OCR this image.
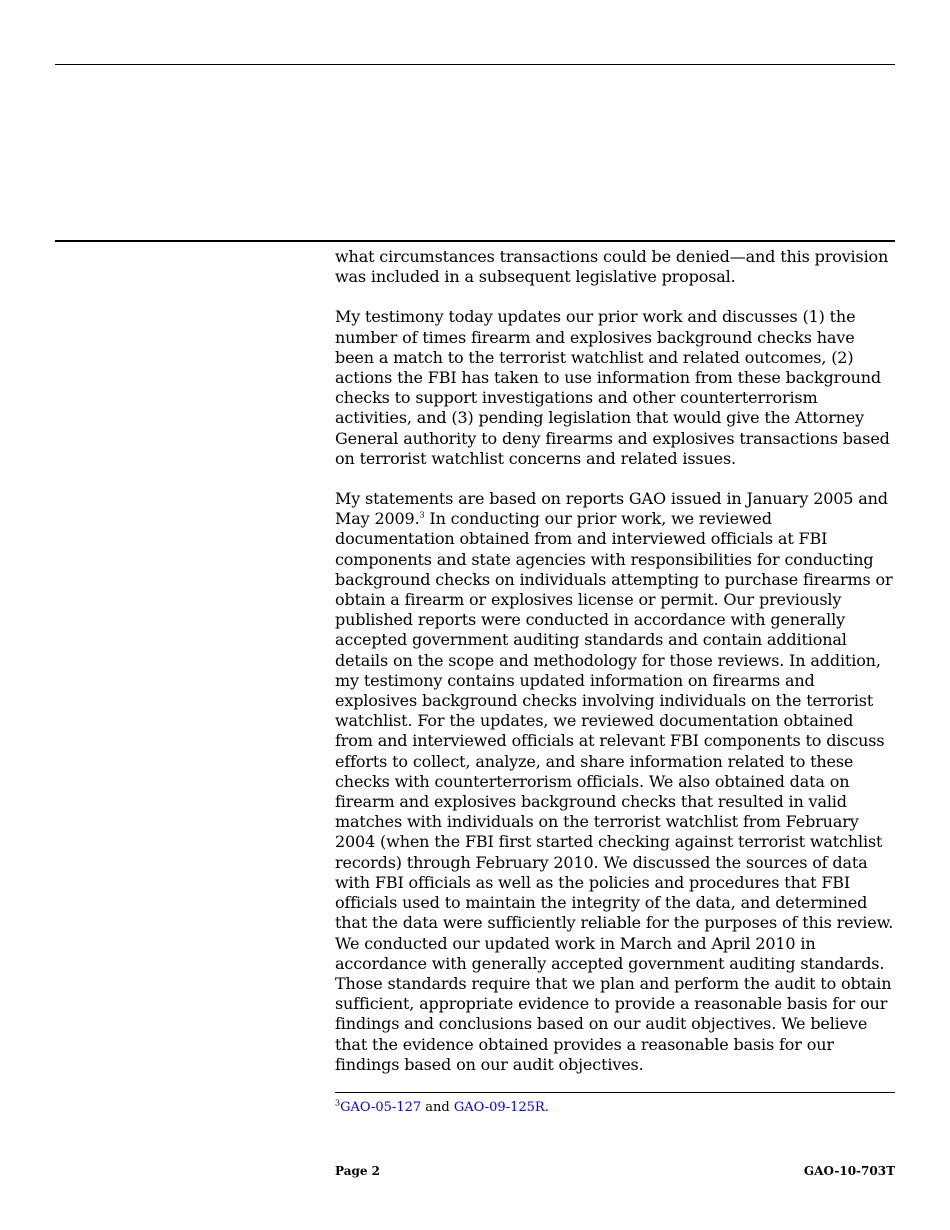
what circumstances transactions could be denied—and this provision was included in a subsequent legislative proposal.

My testimony today updates our prior work and discusses (1) the number of times firearm and explosives background checks have been a match to the terrorist watchlist and related outcomes, (2) actions the FBI has taken to use information from these background checks to support investigations and other counterterrorism activities, and (3) pending legislation that would give the Attorney General authority to deny firearms and explosives transactions based on terrorist watchlist concerns and related issues.

My statements are based on reports GAO issued in January 2005 and May 2009.$^3$ In conducting our prior work, we reviewed documentation obtained from and interviewed officials at FBI components and state agencies with responsibilities for conducting background checks on individuals attempting to purchase firearms or obtain a firearm or explosives license or permit. Our previously published reports were conducted in accordance with generally accepted government auditing standards and contain additional details on the scope and methodology for those reviews. In addition, my testimony contains updated information on firearms and explosives background checks involving individuals on the terrorist watchlist. For the updates, we reviewed documentation obtained from and interviewed officials at relevant FBI components to discuss efforts to collect, analyze, and share information related to these checks with counterterrorism officials. We also obtained data on firearm and explosives background checks that resulted in valid matches with individuals on the terrorist watchlist from February 2004 (when the FBI first started checking against terrorist watchlist records) through February 2010. We discussed the sources of data with FBI officials as well as the policies and procedures that FBI officials used to maintain the integrity of the data, and determined that the data were sufficiently reliable for the purposes of this review. We conducted our updated work in March and April 2010 in accordance with generally accepted government auditing standards. Those standards require that we plan and perform the audit to obtain sufficient, appropriate evidence to provide a reasonable basis for our findings and conclusions based on our audit objectives. We believe that the evidence obtained provides a reasonable basis for our findings based on our audit objectives.

$^3$GAO-05-127 and GAO-09-125R.
Page 2	GAO-10-703T
